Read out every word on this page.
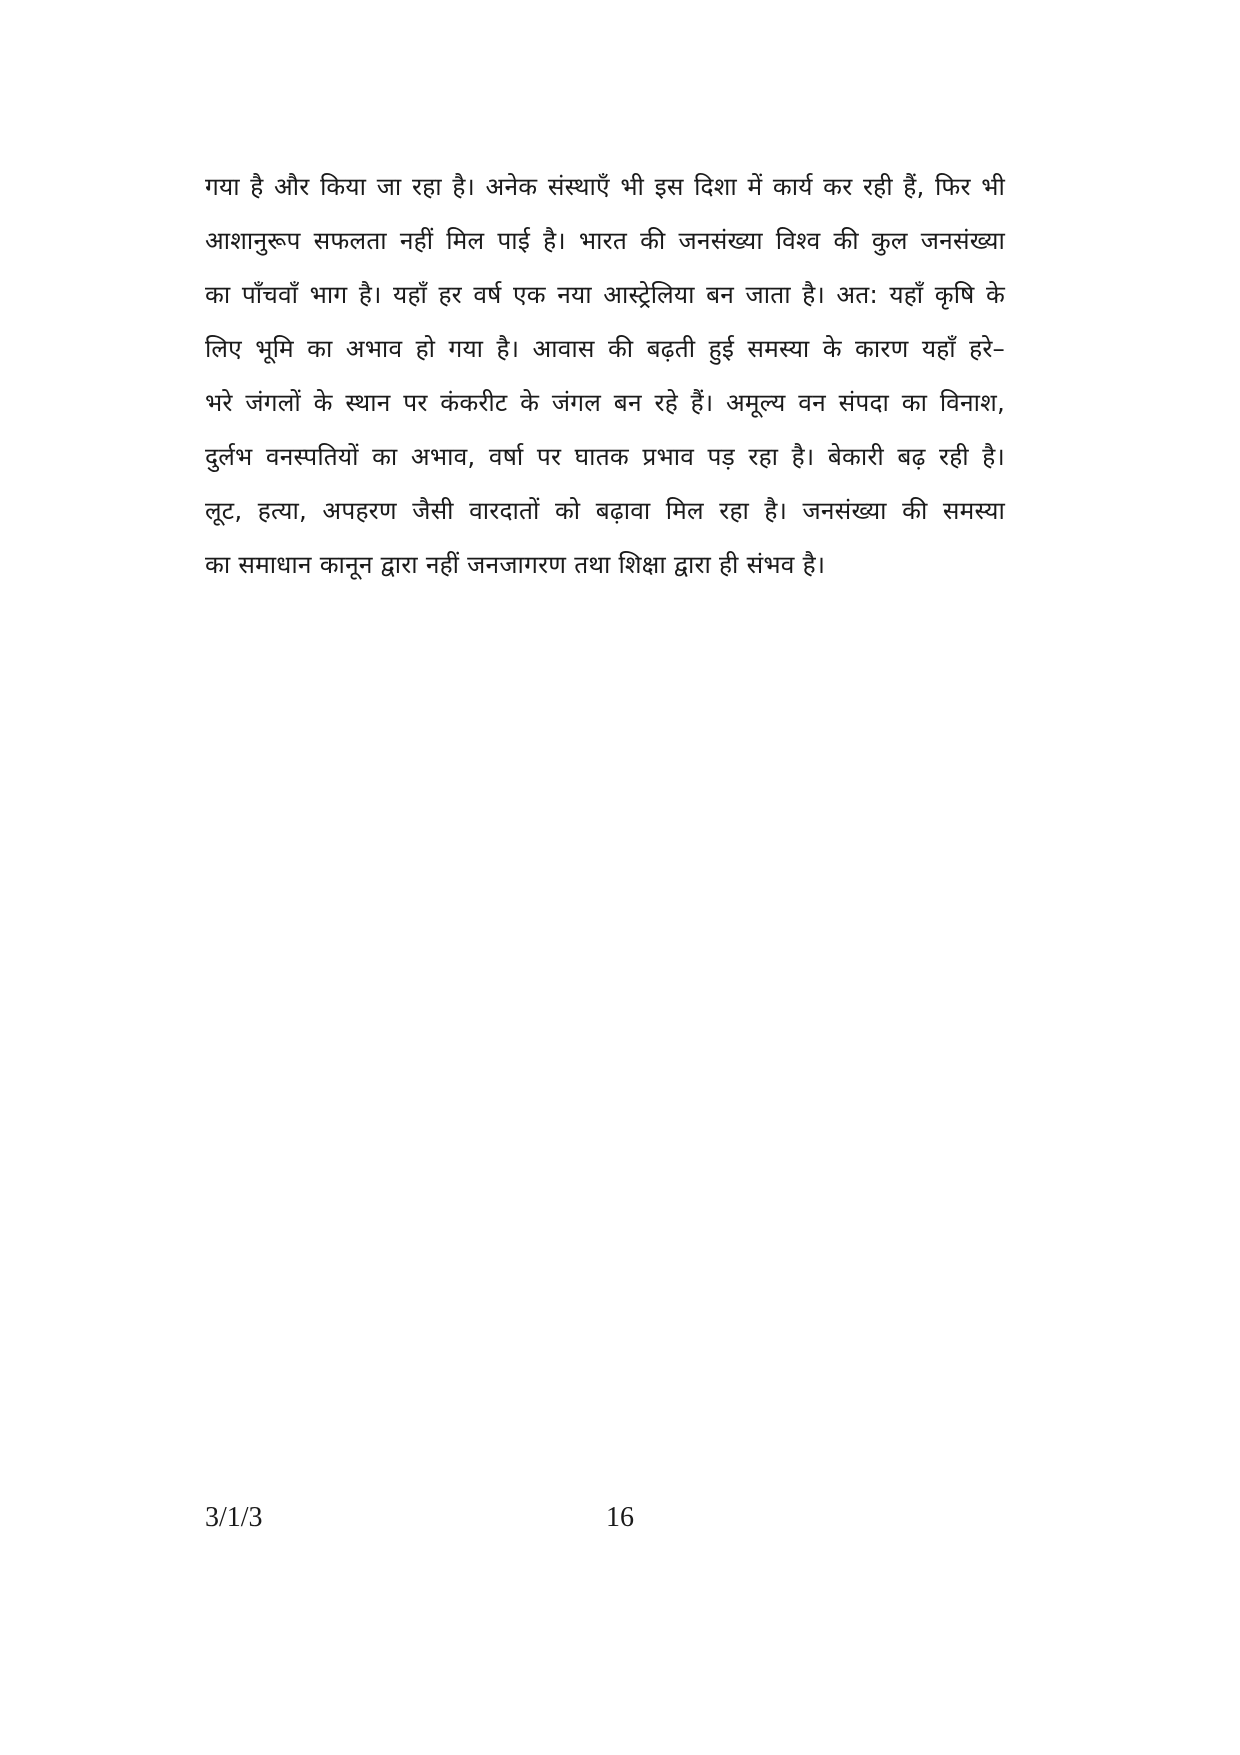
गया है और किया जा रहा है। अनेक संस्थाएँ भी इस दिशा में कार्य कर रही हैं, फिर भी
आशानुरूप सफलता नहीं मिल पाई है। भारत की जनसंख्या विश्व की कुल जनसंख्या
का पाँचवाँ भाग है। यहाँ हर वर्ष एक नया आस्ट्रेलिया बन जाता है। अत: यहाँ कृषि के
लिए भूमि का अभाव हो गया है। आवास की बढ़ती हुई समस्या के कारण यहाँ हरे–
भरे जंगलों के स्थान पर कंकरीट के जंगल बन रहे हैं। अमूल्य वन संपदा का विनाश,
दुर्लभ वनस्पतियों का अभाव, वर्षा पर घातक प्रभाव पड़ रहा है। बेकारी बढ़ रही है।
लूट, हत्या, अपहरण जैसी वारदातों को बढ़ावा मिल रहा है। जनसंख्या की समस्या
का समाधान कानून द्वारा नहीं जनजागरण तथा शिक्षा द्वारा ही संभव है।
3/1/3	16
